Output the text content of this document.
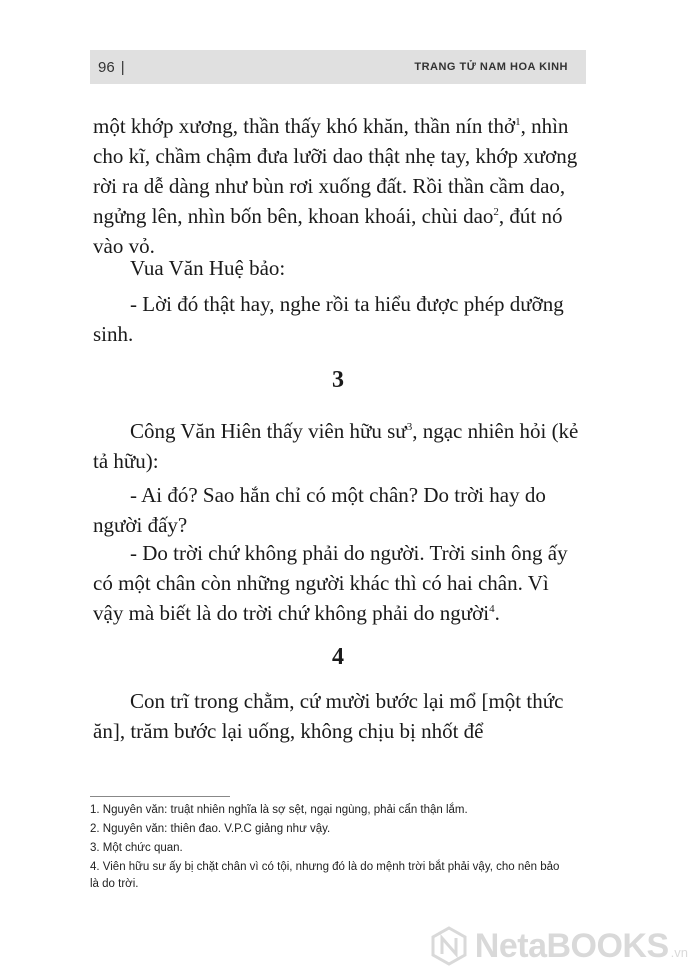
96 |	TRANG TỬ NAM HOA KINH

một khớp xương, thần thấy khó khăn, thần nín thở$^1$, nhìn cho kĩ, chầm chậm đưa lưỡi dao thật nhẹ tay, khớp xương rời ra dễ dàng như bùn rơi xuống đất. Rồi thần cầm dao, ngửng lên, nhìn bốn bên, khoan khoái, chùi dao$^2$, đút nó vào vỏ.

Vua Văn Huệ bảo:

- Lời đó thật hay, nghe rồi ta hiểu được phép dưỡng sinh.

3

Công Văn Hiên thấy viên hữu $sư^3$, ngạc nhiên hỏi (kẻ tả hữu):

- Ai đó? Sao hắn chỉ có một chân? Do trời hay do người đấy?

- Do trời chứ không phải do người. Trời sinh ông ấy có một chân còn những người khác thì có hai chân. Vì vậy mà biết là do trời chứ không phải do người$^4$.

4

Con trĩ trong chằm, cứ mười bước lại mổ [một thức ăn], trăm bước lại uống, không chịu bị nhốt để

1. Nguyên văn: truật nhiên nghĩa là sợ sệt, ngại ngùng, phải cẩn thận lắm.

2. Nguyên văn: thiên đao. V.P.C giảng như vậy.

3. Một chức quan.

4. Viên hữu sư ấy bị chặt chân vì có tội, nhưng đó là do mệnh trời bắt phải vậy, cho nên bảo là do trời.

NetaBOOKS .vn
